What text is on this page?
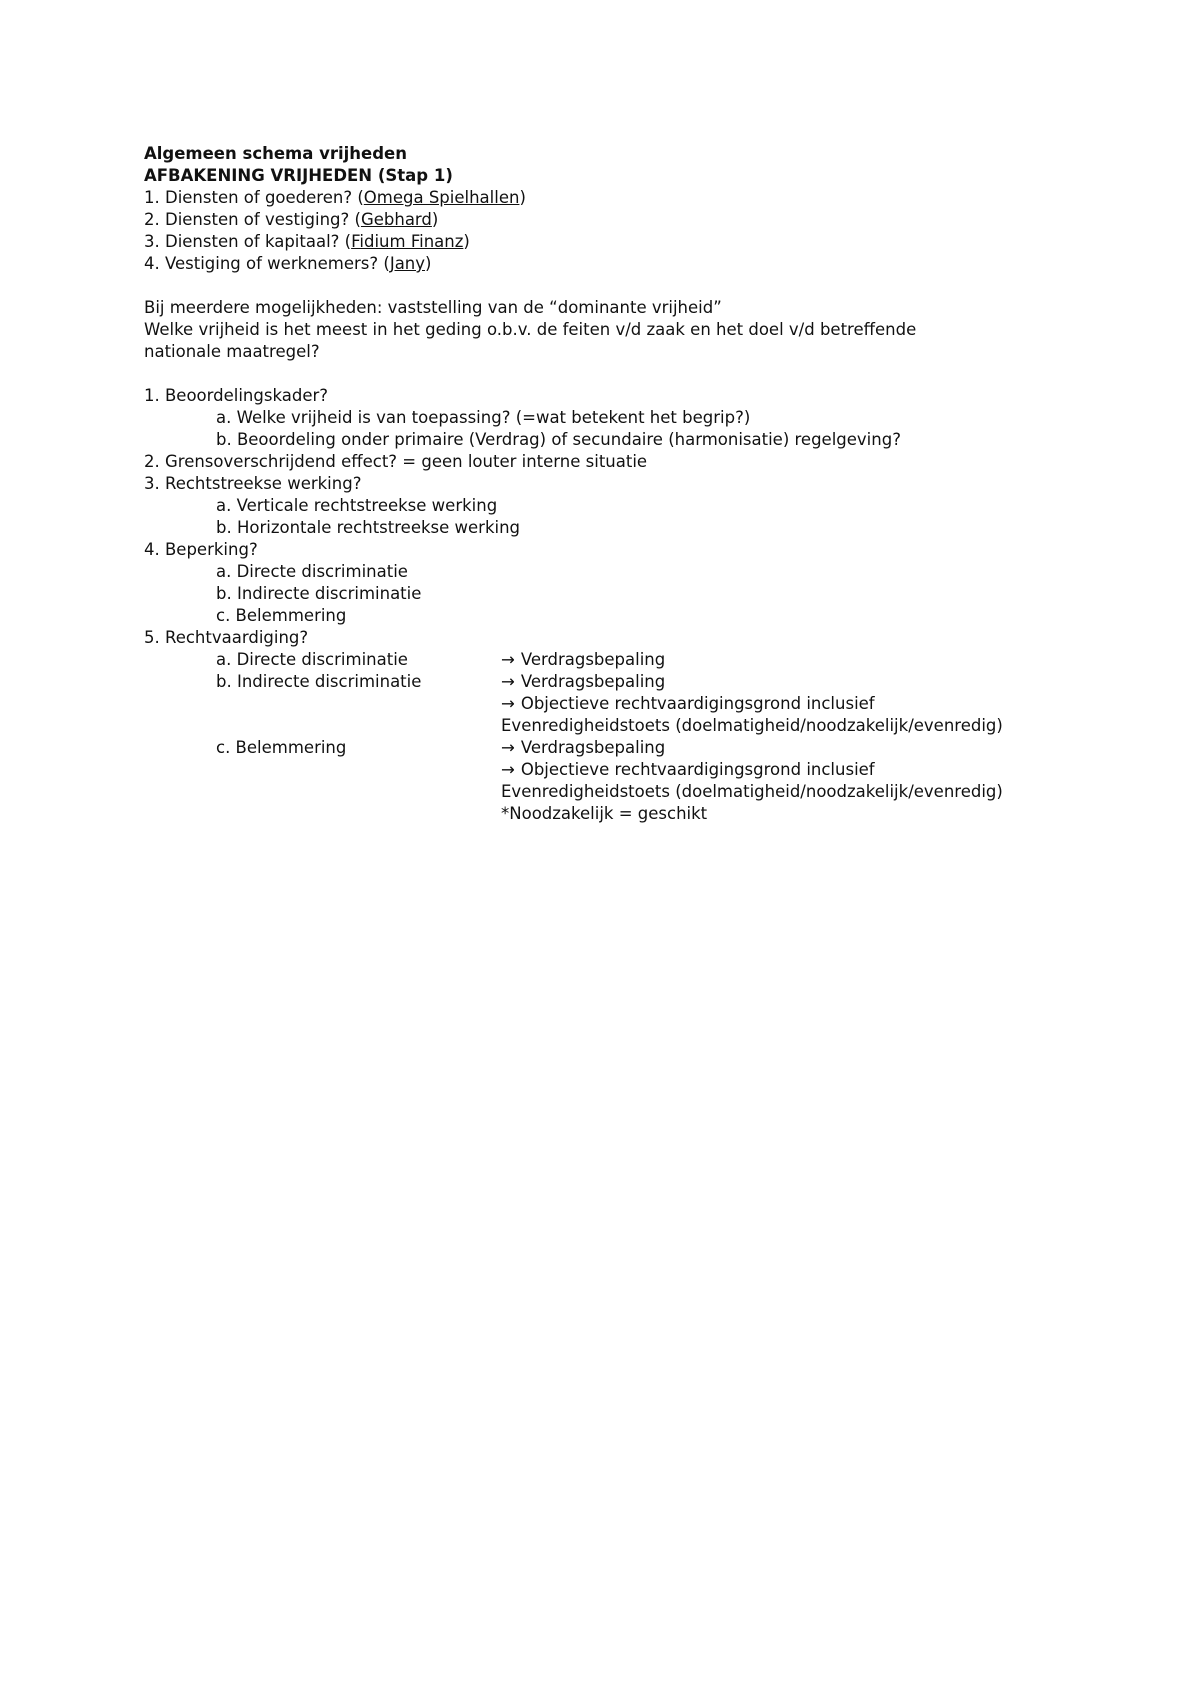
Algemeen schema vrijheden
AFBAKENING VRIJHEDEN (Stap 1)
1. Diensten of goederen? (Omega Spielhallen)
2. Diensten of vestiging? (Gebhard)
3. Diensten of kapitaal? (Fidium Finanz)
4. Vestiging of werknemers? (Jany)
Bij meerdere mogelijkheden: vaststelling van de “dominante vrijheid”
Welke vrijheid is het meest in het geding o.b.v. de feiten v/d zaak en het doel v/d betreffende
nationale maatregel?
1. Beoordelingskader?
a. Welke vrijheid is van toepassing? (=wat betekent het begrip?)
b. Beoordeling onder primaire (Verdrag) of secundaire (harmonisatie) regelgeving?
2. Grensoverschrijdend effect? = geen louter interne situatie
3. Rechtstreekse werking?
a. Verticale rechtstreekse werking
b. Horizontale rechtstreekse werking
4. Beperking?
a. Directe discriminatie
b. Indirecte discriminatie
c. Belemmering
5. Rechtvaardiging?
a. Directe discriminatie	→ Verdragsbepaling
b. Indirecte discriminatie	→ Verdragsbepaling
→ Objectieve rechtvaardigingsgrond inclusief
Evenredigheidstoets (doelmatigheid/noodzakelijk/evenredig)
c. Belemmering	→ Verdragsbepaling
→ Objectieve rechtvaardigingsgrond inclusief
Evenredigheidstoets (doelmatigheid/noodzakelijk/evenredig)
*Noodzakelijk = geschikt
